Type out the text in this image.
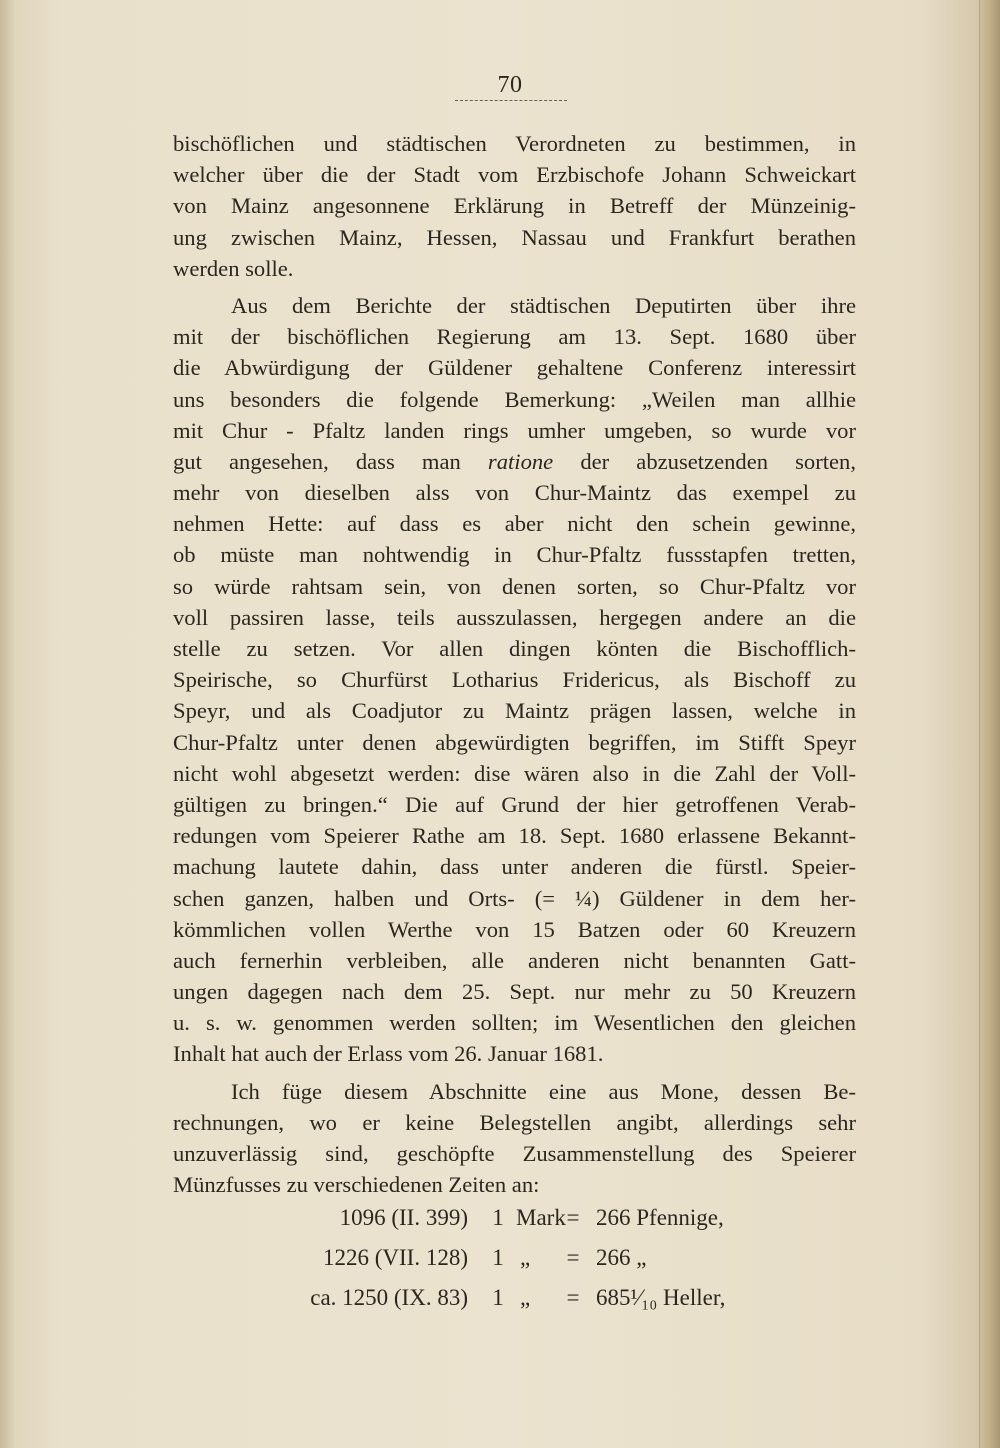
70
bischöflichen und städtischen Verordneten zu bestimmen, in
welcher über die der Stadt vom Erzbischofe Johann Schweickart
von Mainz angesonnene Erklärung in Betreff der Münzeinig-
ung zwischen Mainz, Hessen, Nassau und Frankfurt berathen
werden solle.
Aus dem Berichte der städtischen Deputirten über ihre
mit der bischöflichen Regierung am 13. Sept. 1680 über
die Abwürdigung der Güldener gehaltene Conferenz interessirt
uns besonders die folgende Bemerkung: „Weilen man allhie
mit Chur - Pfaltz landen rings umher umgeben, so wurde vor
gut angesehen, dass man ratione der abzusetzenden sorten,
mehr von dieselben alss von Chur-Maintz das exempel zu
nehmen Hette: auf dass es aber nicht den schein gewinne,
ob müste man nohtwendig in Chur-Pfaltz fussstapfen tretten,
so würde rahtsam sein, von denen sorten, so Chur-Pfaltz vor
voll passiren lasse, teils ausszulassen, hergegen andere an die
stelle zu setzen. Vor allen dingen könten die Bischofflich-
Speirische, so Churfürst Lotharius Fridericus, als Bischoff zu
Speyr, und als Coadjutor zu Maintz prägen lassen, welche in
Chur-Pfaltz unter denen abgewürdigten begriffen, im Stifft Speyr
nicht wohl abgesetzt werden: dise wären also in die Zahl der Voll-
gültigen zu bringen.“ Die auf Grund der hier getroffenen Verab-
redungen vom Speierer Rathe am 18. Sept. 1680 erlassene Bekannt-
machung lautete dahin, dass unter anderen die fürstl. Speier-
schen ganzen, halben und Orts- (= ¼) Güldener in dem her-
kömmlichen vollen Werthe von 15 Batzen oder 60 Kreuzern
auch fernerhin verbleiben, alle anderen nicht benannten Gatt-
ungen dagegen nach dem 25. Sept. nur mehr zu 50 Kreuzern
u. s. w. genommen werden sollten; im Wesentlichen den gleichen
Inhalt hat auch der Erlass vom 26. Januar 1681.
Ich füge diesem Abschnitte eine aus Mone, dessen Be-
rechnungen, wo er keine Belegstellen angibt, allerdings sehr
unzuverlässig sind, geschöpfte Zusammenstellung des Speierer
Münzfusses zu verschiedenen Zeiten an:
1096 (II. 399)	1 Mark = 266 Pfennige,
1226 (VII. 128)	1 „	= 266 „
ca. 1250 (IX. 83)	1 „	= 685¹⁄₁₀ Heller,
